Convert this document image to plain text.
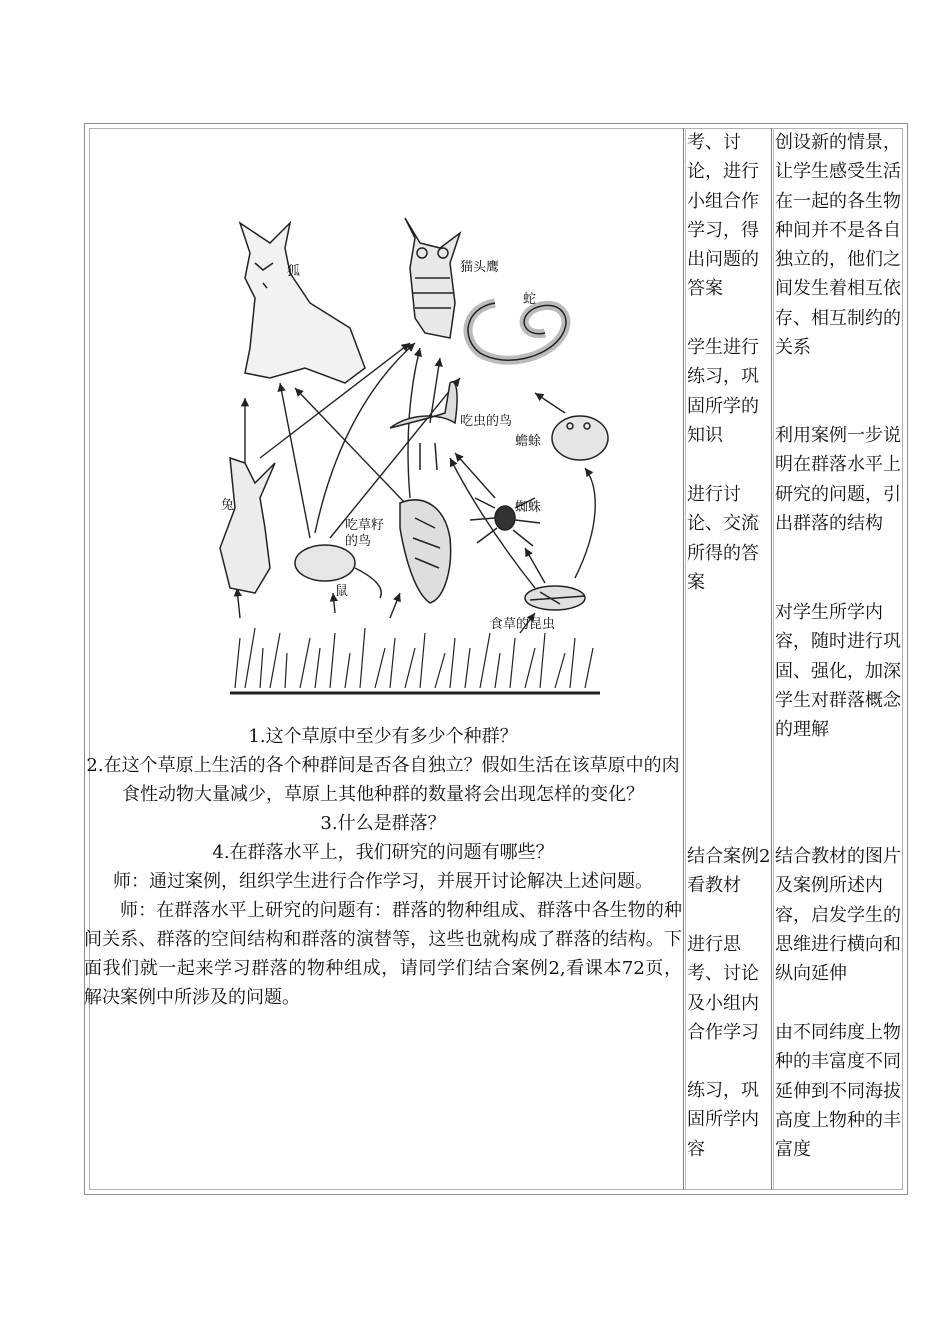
狐	猫头鹰
蛇
吃虫的鸟
蟾蜍
兔	蜘蛛
吃草籽
的鸟
鼠
食草的昆虫

1.这个草原中至少有多少个种群？

2.在这个草原上生活的各个种群间是否各自独立？假如生活在该草原中的肉食性动物大量减少，草原上其他种群的数量将会出现怎样的变化？

3.什么是群落？

4.在群落水平上，我们研究的问题有哪些？

师：通过案例，组织学生进行合作学习，并展开讨论解决上述问题。

师：在群落水平上研究的问题有：群落的物种组成、群落中各生物的种间关系、群落的空间结构和群落的演替等，这些也就构成了群落的结构。下面我们就一起来学习群落的物种组成，请同学们结合案例2,看课本72页，解决案例中所涉及的问题。

考、讨论，进行小组合作学习，得出问题的答案

学生进行练习，巩固所学的知识

进行讨论、交流所得的答案

结合案例2看教材

进行思考、讨论及小组内合作学习

练习，巩固所学内容

创设新的情景，让学生感受生活在一起的各生物种间并不是各自独立的，他们之间发生着相互依存、相互制约的关系

利用案例一步说明在群落水平上研究的问题，引出群落的结构

对学生所学内容，随时进行巩固、强化，加深学生对群落概念的理解

结合教材的图片及案例所述内容，启发学生的思维进行横向和纵向延伸

由不同纬度上物种的丰富度不同延伸到不同海拔高度上物种的丰富度
